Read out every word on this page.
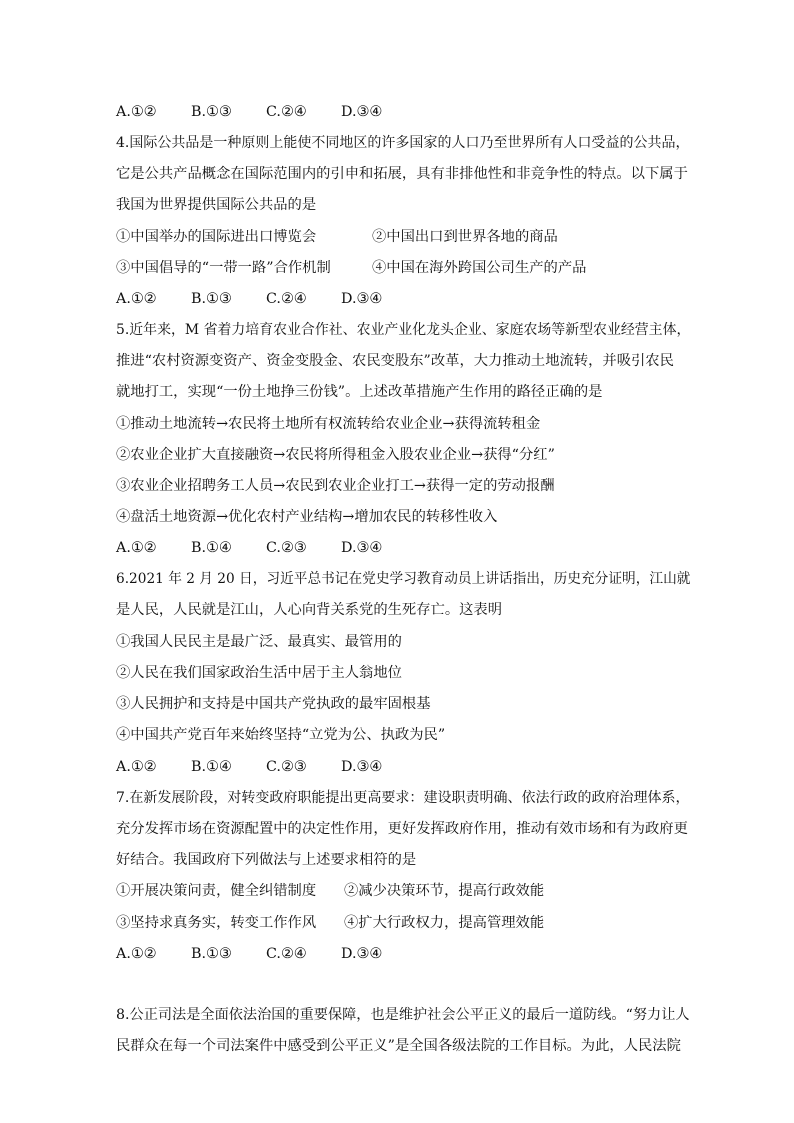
A.①② B.①③ C.②④ D.③④
4.国际公共品是一种原则上能使不同地区的许多国家的人口乃至世界所有人口受益的公共品，
它是公共产品概念在国际范围内的引申和拓展，具有非排他性和非竞争性的特点。以下属于
我国为世界提供国际公共品的是
①中国举办的国际进出口博览会	②中国出口到世界各地的商品
③中国倡导的“一带一路”合作机制	④中国在海外跨国公司生产的产品
A.①② B.①③ C.②④ D.③④
5.近年来，M 省着力培育农业合作社、农业产业化龙头企业、家庭农场等新型农业经营主体，
推进“农村资源变资产、资金变股金、农民变股东”改革，大力推动土地流转，并吸引农民
就地打工，实现“一份土地挣三份钱”。上述改革措施产生作用的路径正确的是
①推动土地流转→农民将土地所有权流转给农业企业→获得流转租金
②农业企业扩大直接融资→农民将所得租金入股农业企业→获得“分红”
③农业企业招聘务工人员→农民到农业企业打工→获得一定的劳动报酬
④盘活土地资源→优化农村产业结构→增加农民的转移性收入
A.①② B.①④ C.②③ D.③④
6.2021 年 2 月 20 日，习近平总书记在党史学习教育动员上讲话指出，历史充分证明，江山就
是人民，人民就是江山，人心向背关系党的生死存亡。这表明
①我国人民民主是最广泛、最真实、最管用的
②人民在我们国家政治生活中居于主人翁地位
③人民拥护和支持是中国共产党执政的最牢固根基
④中国共产党百年来始终坚持“立党为公、执政为民”
A.①② B.①④ C.②③ D.③④
7.在新发展阶段，对转变政府职能提出更高要求：建设职责明确、依法行政的政府治理体系，
充分发挥市场在资源配置中的决定性作用，更好发挥政府作用，推动有效市场和有为政府更
好结合。我国政府下列做法与上述要求相符的是
①开展决策问责，健全纠错制度 ②减少决策环节，提高行政效能
③坚持求真务实，转变工作作风 ④扩大行政权力，提高管理效能
A.①② B.①③ C.②④ D.③④
8.公正司法是全面依法治国的重要保障，也是维护社会公平正义的最后一道防线。“努力让人
民群众在每一个司法案件中感受到公平正义”是全国各级法院的工作目标。为此，人民法院
